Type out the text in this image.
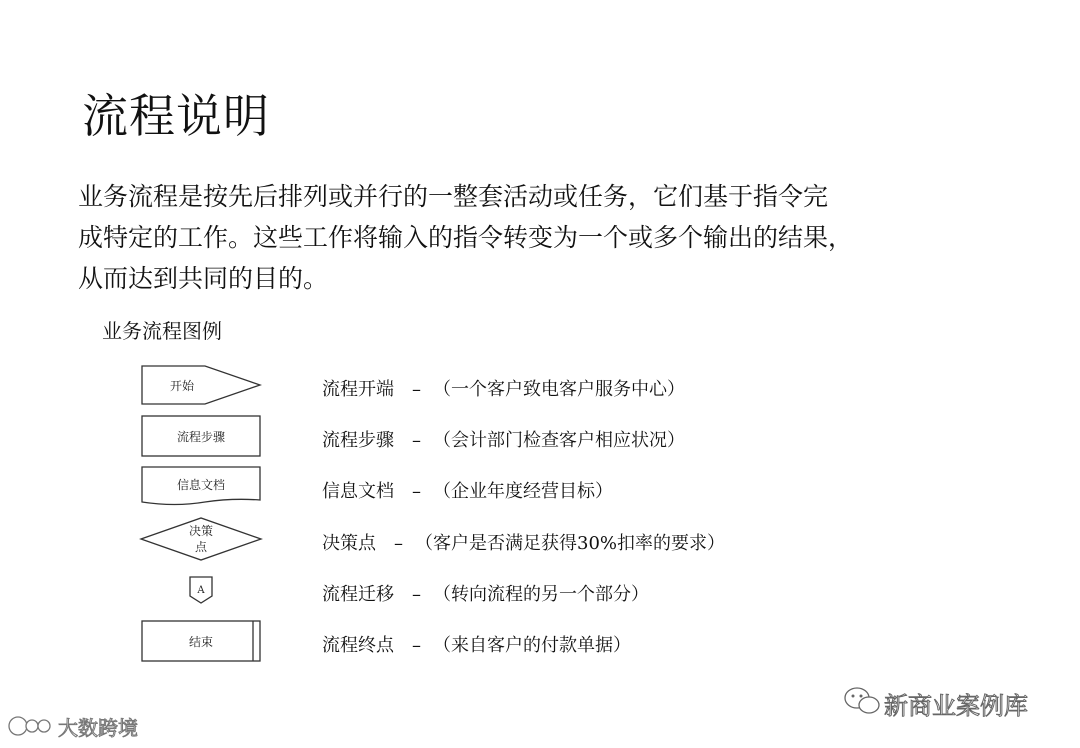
流程说明
业务流程是按先后排列或并行的一整套活动或任务，它们基于指令完
成特定的工作。这些工作将输入的指令转变为一个或多个输出的结果，
从而达到共同的目的。
业务流程图例
开始
流程步骤
信息文档
决策
点
A
结束
流程开端 – （一个客户致电客户服务中心）
流程步骤 – （会计部门检查客户相应状况）
信息文档 – （企业年度经营目标）
决策点 – （客户是否满足获得30%扣率的要求）
流程迁移 – （转向流程的另一个部分）
流程终点 – （来自客户的付款单据）
新商业案例库
大数跨境
